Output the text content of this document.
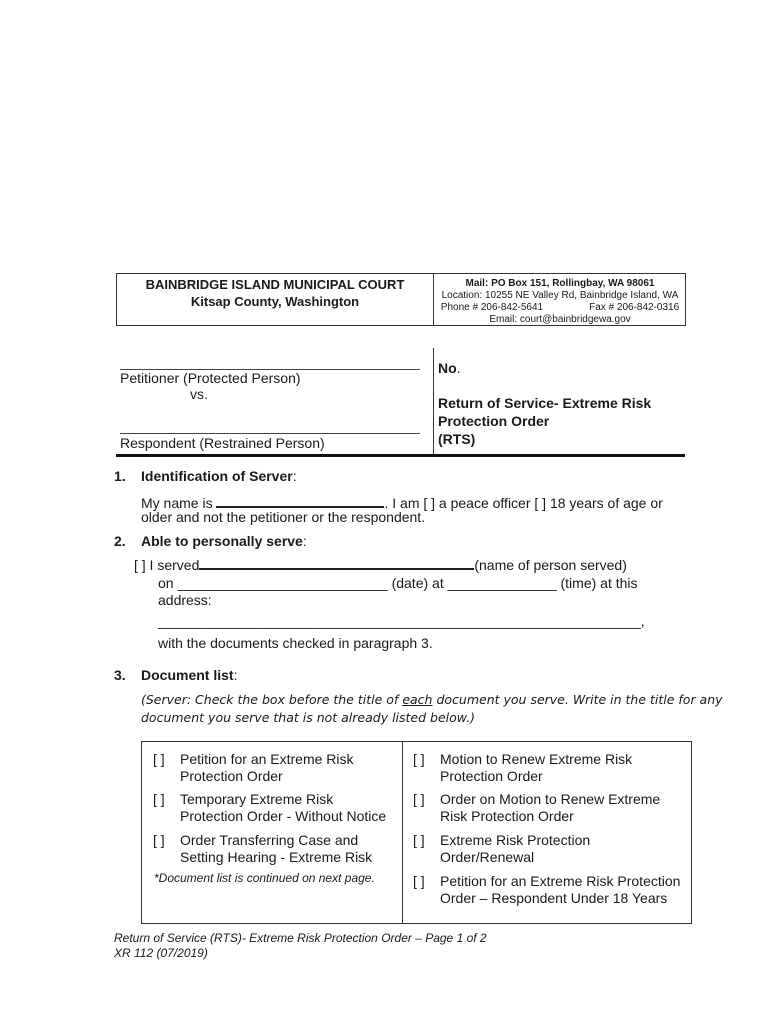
BAINBRIDGE ISLAND MUNICIPAL COURT
Kitsap County, Washington
Mail: PO Box 151, Rollingbay, WA 98061
Location: 10255 NE Valley Rd, Bainbridge Island, WA
Phone # 206-842-5641	Fax # 206-842-0316
Email: court@bainbridgewa.gov
Petitioner (Protected Person)
vs.
Respondent (Restrained Person)
No.
Return of Service- Extreme Risk
Protection Order
(RTS)
1. Identification of Server:
My name is	. I am [ ] a peace officer [ ] 18 years of age or
older and not the petitioner or the respondent.
2. Able to personally serve:
[ ] I served	(name of person served)
on ___________________________ (date) at ______________ (time) at this
address:
______________________________________________________________,
with the documents checked in paragraph 3.
3. Document list:
(Server: Check the box before the title of each document you serve. Write in the title for any
document you serve that is not already listed below.)
[ ] Petition for an Extreme Risk
Protection Order
[ ] Temporary Extreme Risk
Protection Order - Without Notice
[ ] Order Transferring Case and
Setting Hearing - Extreme Risk
*Document list is continued on next page.
[ ] Motion to Renew Extreme Risk
Protection Order
[ ] Order on Motion to Renew Extreme
Risk Protection Order
[ ] Extreme Risk Protection
Order/Renewal
[ ] Petition for an Extreme Risk Protection
Order – Respondent Under 18 Years
Return of Service (RTS)- Extreme Risk Protection Order – Page 1 of 2
XR 112 (07/2019)
